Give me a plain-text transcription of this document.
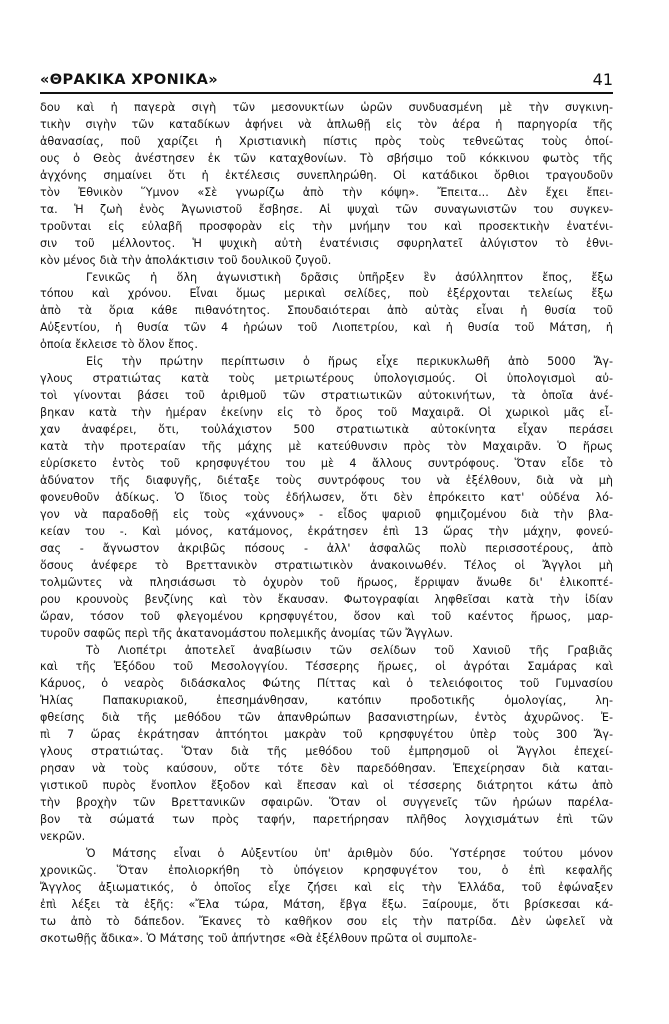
«ΘΡΑΚΙΚΑ ΧΡΟΝΙΚΑ»	41
δου καὶ ἡ παγερὰ σιγὴ τῶν μεσονυκτίων ὡρῶν συνδυασμένη μὲ τὴν συγκινη-
τικὴν σιγὴν τῶν καταδίκων ἀφήνει νὰ ἁπλωθῇ εἰς τὸν ἀέρα ἡ παρηγορία τῆς
ἀθανασίας, ποῦ χαρίζει ἡ Χριστιανικὴ πίστις πρὸς τοὺς τεθνεῶτας τοὺς ὁποί-
ους ὁ Θεὸς ἀνέστησεν ἐκ τῶν καταχθονίων. Τὸ σβήσιμο τοῦ κόκκινου φωτὸς τῆς
ἀγχόνης σημαίνει ὅτι ἡ ἐκτέλεσις συνεπληρώθη. Οἱ κατάδικοι ὄρθιοι τραγουδοῦν
τὸν Ἐθνικὸν Ὕμνον «Σὲ γνωρίζω ἀπὸ τὴν κόψη». Ἔπειτα... Δὲν ἔχει ἔπει-
τα. Ἡ ζωὴ ἑνὸς Ἀγωνιστοῦ ἔσβησε. Αἱ ψυχαὶ τῶν συναγωνιστῶν του συγκεν-
τροῦνται εἰς εὐλαβῆ προσφορὰν εἰς τὴν μνήμην του καὶ προσεκτικὴν ἐνατένι-
σιν τοῦ μέλλοντος. Ἡ ψυχικὴ αὐτὴ ἐνατένισις σφυρηλατεῖ ἀλύγιστον τὸ ἐθνι-
κὸν μένος διὰ τὴν ἀπολάκτισιν τοῦ δουλικοῦ ζυγοῦ.
Γενικῶς ἡ ὅλη ἀγωνιστικὴ δρᾶσις ὑπῆρξεν ἓν ἀσύλληπτον ἔπος, ἔξω
τόπου καὶ χρόνου. Εἶναι ὅμως μερικαὶ σελίδες, ποὺ ἐξέρχονται τελείως ἔξω
ἀπὸ τὰ ὅρια κάθε πιθανότητος. Σπουδαιότεραι ἀπὸ αὐτὰς εἶναι ἡ θυσία τοῦ
Αὐξεντίου, ἡ θυσία τῶν 4 ἡρώων τοῦ Λιοπετρίου, καὶ ἡ θυσία τοῦ Μάτση, ἡ
ὁποία ἔκλεισε τὸ ὅλον ἔπος.
Εἰς τὴν πρώτην περίπτωσιν ὁ ἥρως εἶχε περικυκλωθῆ ἀπὸ 5000 Ἄγ-
γλους στρατιώτας κατὰ τοὺς μετριωτέρους ὑπολογισμούς. Οἱ ὑπολογισμοὶ αὐ-
τοὶ γίνονται βάσει τοῦ ἀριθμοῦ τῶν στρατιωτικῶν αὐτοκινήτων, τὰ ὁποῖα ἀνέ-
βηκαν κατὰ τὴν ἡμέραν ἐκείνην εἰς τὸ ὄρος τοῦ Μαχαιρᾶ. Οἱ χωρικοὶ μᾶς εἶ-
χαν ἀναφέρει, ὅτι, τοὐλάχιστον 500 στρατιωτικὰ αὐτοκίνητα εἶχαν περάσει
κατὰ τὴν προτεραίαν τῆς μάχης μὲ κατεύθυνσιν πρὸς τὸν Μαχαιρᾶν. Ὁ ἥρως
εὑρίσκετο ἐντὸς τοῦ κρησφυγέτου του μὲ 4 ἄλλους συντρόφους. Ὅταν εἶδε τὸ
ἀδύνατον τῆς διαφυγῆς, διέταξε τοὺς συντρόφους του νὰ ἐξέλθουν, διὰ νὰ μὴ
φονευθοῦν ἀδίκως. Ὁ ἴδιος τοὺς ἐδήλωσεν, ὅτι δὲν ἐπρόκειτο κατ' οὐδένα λό-
γον νὰ παραδοθῇ εἰς τοὺς «χάννους» - εἶδος ψαριοῦ φημιζομένου διὰ τὴν βλα-
κείαν του -. Καὶ μόνος, κατάμονος, ἐκράτησεν ἐπὶ 13 ὥρας τὴν μάχην, φονεύ-
σας - ἄγνωστον ἀκριβῶς πόσους - ἀλλ' ἀσφαλῶς πολὺ περισσοτέρους, ἀπὸ
ὅσους ἀνέφερε τὸ Βρεττανικὸν στρατιωτικὸν ἀνακοινωθέν. Τέλος οἱ Ἄγγλοι μὴ
τολμῶντες νὰ πλησιάσωσι τὸ ὀχυρὸν τοῦ ἥρωος, ἔρριψαν ἄνωθε δι' ἑλικοπτέ-
ρου κρουνοὺς βενζίνης καὶ τὸν ἔκαυσαν. Φωτογραφίαι ληφθεῖσαι κατὰ τὴν ἰδίαν
ὥραν, τόσον τοῦ φλεγομένου κρησφυγέτου, ὅσον καὶ τοῦ καέντος ἥρωος, μαρ-
τυροῦν σαφῶς περὶ τῆς ἀκατανομάστου πολεμικῆς ἀνομίας τῶν Ἄγγλων.
Τὸ Λιοπέτρι ἀποτελεῖ ἀναβίωσιν τῶν σελίδων τοῦ Χανιοῦ τῆς Γραβιᾶς
καὶ τῆς Ἐξόδου τοῦ Μεσολογγίου. Τέσσερης ἥρωες, οἱ ἀγρόται Σαμάρας καὶ
Κάρυος, ὁ νεαρὸς διδάσκαλος Φώτης Πίττας καὶ ὁ τελειόφοιτος τοῦ Γυμνασίου
Ἠλίας Παπακυριακοῦ, ἐπεσημάνθησαν, κατόπιν προδοτικῆς ὁμολογίας, λη-
φθείσης διὰ τῆς μεθόδου τῶν ἀπανθρώπων βασανιστηρίων, ἐντὸς ἀχυρῶνος. Ἐ-
πὶ 7 ὥρας ἐκράτησαν ἀπτόητοι μακρὰν τοῦ κρησφυγέτου ὑπὲρ τοὺς 300 Ἄγ-
γλους στρατιώτας. Ὅταν διὰ τῆς μεθόδου τοῦ ἐμπρησμοῦ οἱ Ἄγγλοι ἐπεχεί-
ρησαν νὰ τοὺς καύσουν, οὔτε τότε δὲν παρεδόθησαν. Ἐπεχείρησαν διὰ καται-
γιστικοῦ πυρὸς ἔνοπλον ἔξοδον καὶ ἔπεσαν καὶ οἱ τέσσερης διάτρητοι κάτω ἀπὸ
τὴν βροχὴν τῶν Βρεττανικῶν σφαιρῶν. Ὅταν οἱ συγγενεῖς τῶν ἡρώων παρέλα-
βον τὰ σώματά των πρὸς ταφήν, παρετήρησαν πλῆθος λογχισμάτων ἐπὶ τῶν
νεκρῶν.
Ὁ Μάτσης εἶναι ὁ Αὐξεντίου ὑπ' ἀριθμὸν δύο. Ὑστέρησε τούτου μόνον
χρονικῶς. Ὅταν ἐπολιορκήθη τὸ ὑπόγειον κρησφυγέτον του, ὁ ἐπὶ κεφαλῆς
Ἄγγλος ἀξιωματικός, ὁ ὁποῖος εἶχε ζήσει καὶ εἰς τὴν Ἑλλάδα, τοῦ ἐφώναξεν
ἐπὶ λέξει τὰ ἑξῆς: «Ἔλα τώρα, Μάτση, ἔβγα ἔξω. Ξαίρουμε, ὅτι βρίσκεσαι κά-
τω ἀπὸ τὸ δάπεδον. Ἔκανες τὸ καθῆκον σου εἰς τὴν πατρίδα. Δὲν ὠφελεῖ νὰ
σκοτωθῇς ἄδικα». Ὁ Μάτσης τοῦ ἀπήντησε «Θὰ ἐξέλθουν πρῶτα οἱ συμπολε-
